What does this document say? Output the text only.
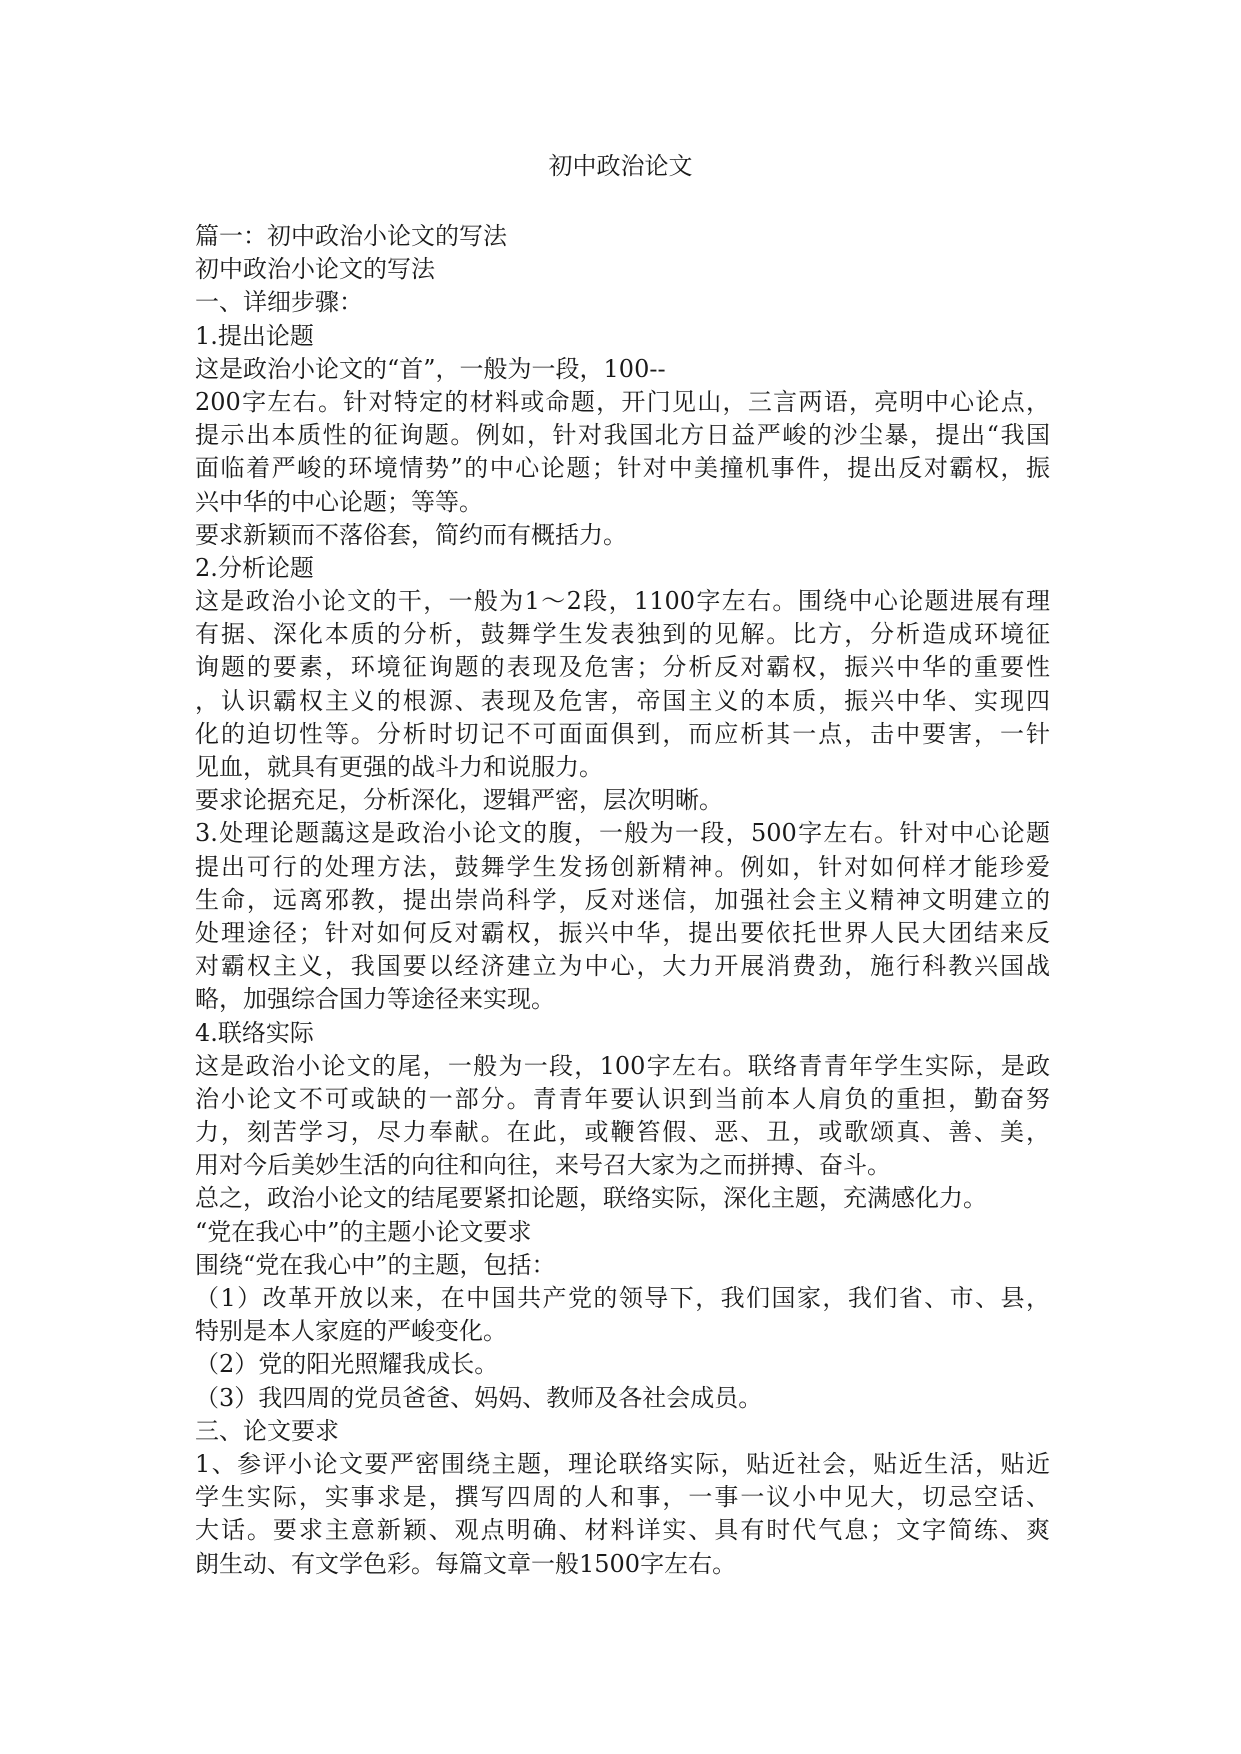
初中政治论文
篇一：初中政治小论文的写法
初中政治小论文的写法
一、详细步骤：
1.提出论题
这是政治小论文的“首”，一般为一段，100--
200字左右。针对特定的材料或命题，开门见山，三言两语，亮明中心论点，
提示出本质性的征询题。例如，针对我国北方日益严峻的沙尘暴，提出“我国
面临着严峻的环境情势”的中心论题；针对中美撞机事件，提出反对霸权，振
兴中华的中心论题；等等。
要求新颖而不落俗套，简约而有概括力。
2.分析论题
这是政治小论文的干，一般为1～2段，1100字左右。围绕中心论题进展有理
有据、深化本质的分析，鼓舞学生发表独到的见解。比方，分析造成环境征
询题的要素，环境征询题的表现及危害；分析反对霸权，振兴中华的重要性
，认识霸权主义的根源、表现及危害，帝国主义的本质，振兴中华、实现四
化的迫切性等。分析时切记不可面面俱到，而应析其一点，击中要害，一针
见血，就具有更强的战斗力和说服力。
要求论据充足，分析深化，逻辑严密，层次明晰。
3.处理论题藹这是政治小论文的腹，一般为一段，500字左右。针对中心论题
提出可行的处理方法，鼓舞学生发扬创新精神。例如，针对如何样才能珍爱
生命，远离邪教，提出崇尚科学，反对迷信，加强社会主义精神文明建立的
处理途径；针对如何反对霸权，振兴中华，提出要依托世界人民大团结来反
对霸权主义，我国要以经济建立为中心，大力开展消费劲，施行科教兴国战
略，加强综合国力等途径来实现。
4.联络实际
这是政治小论文的尾，一般为一段，100字左右。联络青青年学生实际，是政
治小论文不可或缺的一部分。青青年要认识到当前本人肩负的重担，勤奋努
力，刻苦学习，尽力奉献。在此，或鞭笞假、恶、丑，或歌颂真、善、美，
用对今后美妙生活的向往和向往，来号召大家为之而拼搏、奋斗。
总之，政治小论文的结尾要紧扣论题，联络实际，深化主题，充满感化力。
“党在我心中”的主题小论文要求
围绕“党在我心中”的主题，包括：
（1）改革开放以来，在中国共产党的领导下，我们国家，我们省、市、县，
特别是本人家庭的严峻变化。
（2）党的阳光照耀我成长。
（3）我四周的党员爸爸、妈妈、教师及各社会成员。
三、论文要求
1、参评小论文要严密围绕主题，理论联络实际，贴近社会，贴近生活，贴近
学生实际，实事求是，撰写四周的人和事，一事一议小中见大，切忌空话、
大话。要求主意新颖、观点明确、材料详实、具有时代气息；文字简练、爽
朗生动、有文学色彩。每篇文章一般1500字左右。
